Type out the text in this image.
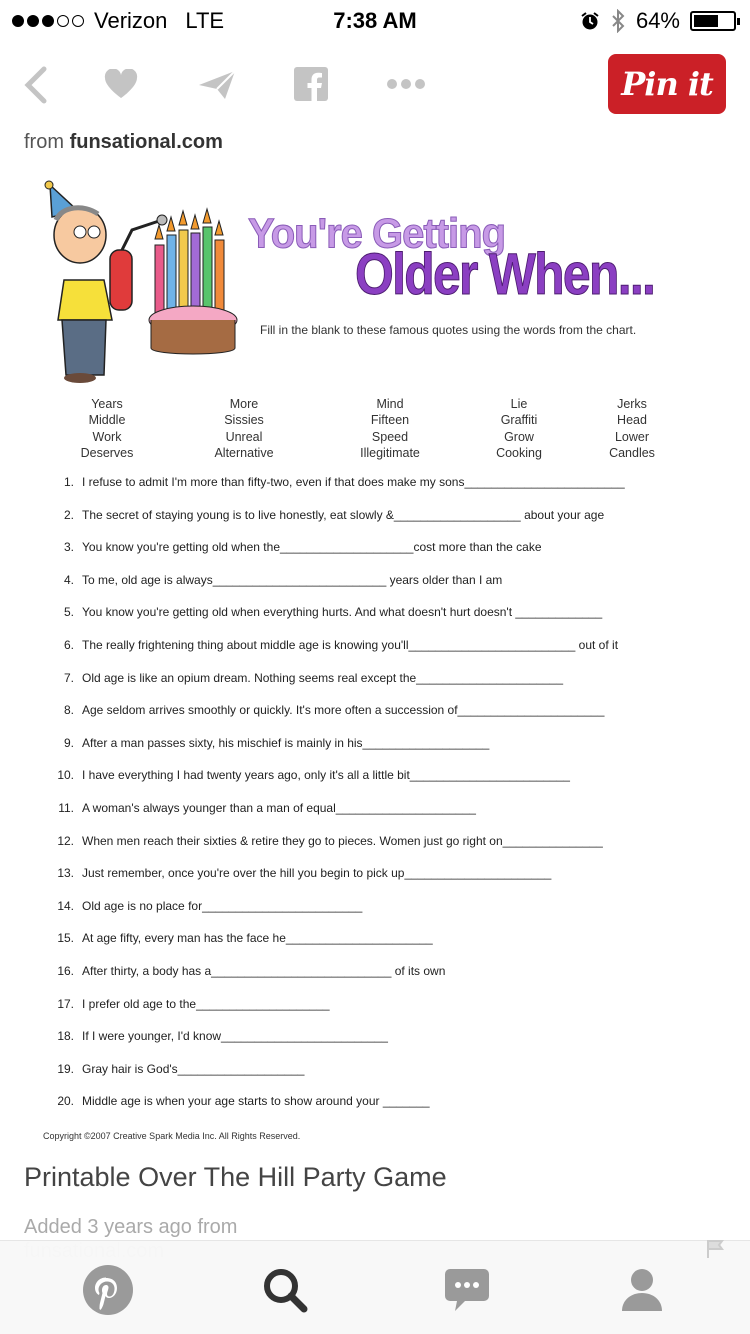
Verizon LTE	7:38 AM	64%
Pin it
from funsational.com
You're Getting
Older When...
Fill in the blank to these famous quotes using the words from the chart.
Years
Middle
Work
Deserves
More
Sissies
Unreal
Alternative
Mind
Fifteen
Speed
Illegitimate
Lie
Graffiti
Grow
Cooking
Jerks
Head
Lower
Candles
1. I refuse to admit I'm more than fifty-two, even if that does make my sons________________________
2. The secret of staying young is to live honestly, eat slowly &___________________ about your age
3. You know you're getting old when the____________________cost more than the cake
4. To me, old age is always__________________________ years older than I am
5. You know you're getting old when everything hurts. And what doesn't hurt doesn't _____________
6. The really frightening thing about middle age is knowing you'll_________________________ out of it
7. Old age is like an opium dream. Nothing seems real except the______________________
8. Age seldom arrives smoothly or quickly. It's more often a succession of______________________
9. After a man passes sixty, his mischief is mainly in his___________________
10. I have everything I had twenty years ago, only it's all a little bit________________________
11. A woman's always younger than a man of equal_____________________
12. When men reach their sixties & retire they go to pieces. Women just go right on_______________
13. Just remember, once you're over the hill you begin to pick up______________________
14. Old age is no place for________________________
15. At age fifty, every man has the face he______________________
16. After thirty, a body has a___________________________ of its own
17. I prefer old age to the____________________
18. If I were younger, I'd know_________________________
19. Gray hair is God's___________________
20. Middle age is when your age starts to show around your _______
Copyright ©2007 Creative Spark Media Inc. All Rights Reserved.
Printable Over The Hill Party Game
Added 3 years ago from
